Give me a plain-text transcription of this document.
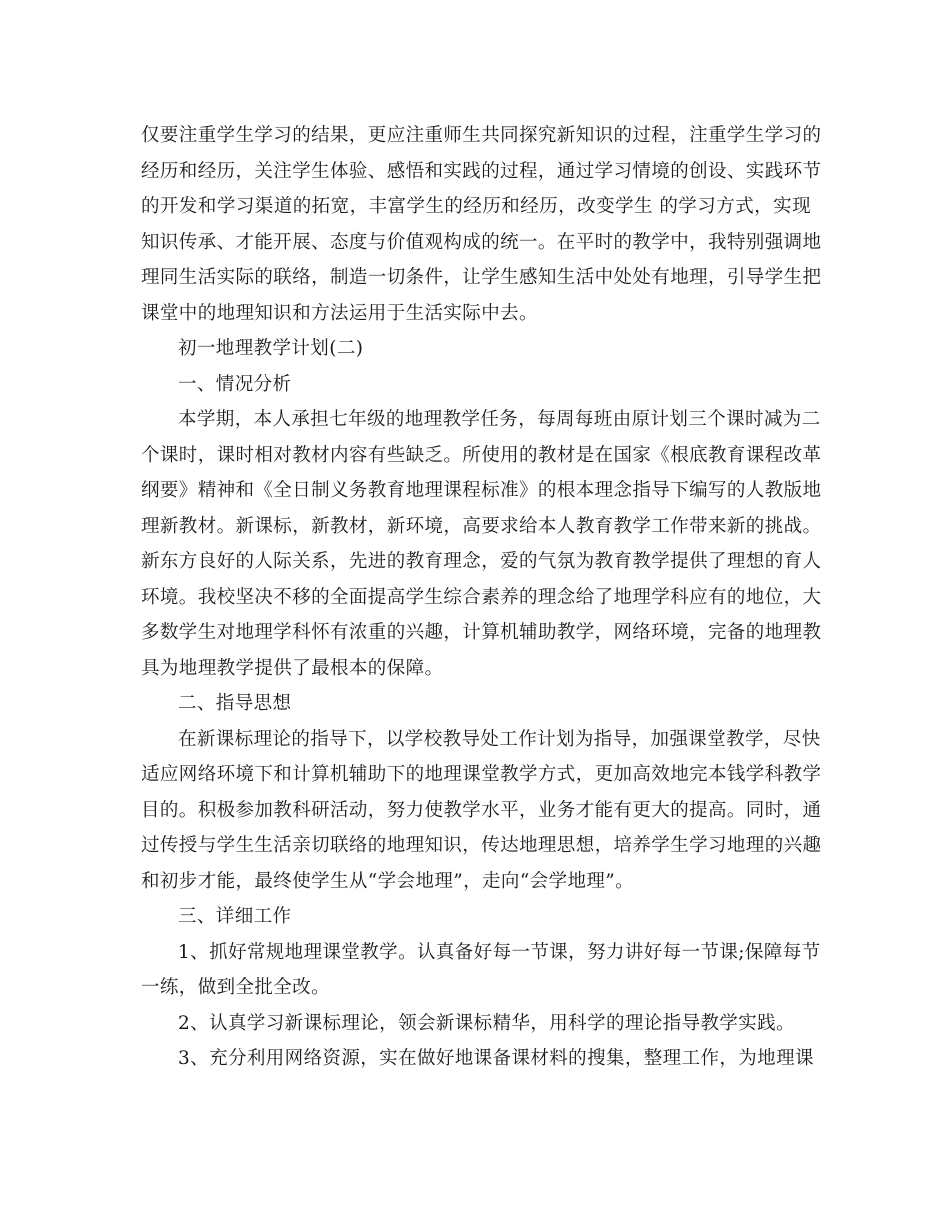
仅要注重学生学习的结果，更应注重师生共同探究新知识的过程，注重学生学习的
经历和经历，关注学生体验、感悟和实践的过程，通过学习情境的创设、实践环节
的开发和学习渠道的拓宽，丰富学生的经历和经历，改变学生 的学习方式，实现
知识传承、才能开展、态度与价值观构成的统一。在平时的教学中，我特别强调地
理同生活实际的联络，制造一切条件，让学生感知生活中处处有地理，引导学生把
课堂中的地理知识和方法运用于生活实际中去。
初一地理教学计划(二)
一、情况分析
本学期，本人承担七年级的地理教学任务，每周每班由原计划三个课时减为二
个课时，课时相对教材内容有些缺乏。所使用的教材是在国家《根底教育课程改革
纲要》精神和《全日制义务教育地理课程标准》的根本理念指导下编写的人教版地
理新教材。新课标，新教材，新环境，高要求给本人教育教学工作带来新的挑战。
新东方良好的人际关系，先进的教育理念，爱的气氛为教育教学提供了理想的育人
环境。我校坚决不移的全面提高学生综合素养的理念给了地理学科应有的地位，大
多数学生对地理学科怀有浓重的兴趣，计算机辅助教学，网络环境，完备的地理教
具为地理教学提供了最根本的保障。
二、指导思想
在新课标理论的指导下，以学校教导处工作计划为指导，加强课堂教学，尽快
适应网络环境下和计算机辅助下的地理课堂教学方式，更加高效地完本钱学科教学
目的。积极参加教科研活动，努力使教学水平，业务才能有更大的提高。同时，通
过传授与学生生活亲切联络的地理知识，传达地理思想，培养学生学习地理的兴趣
和初步才能，最终使学生从“学会地理”，走向“会学地理”。
三、详细工作
1、抓好常规地理课堂教学。认真备好每一节课，努力讲好每一节课;保障每节
一练，做到全批全改。
2、认真学习新课标理论，领会新课标精华，用科学的理论指导教学实践。
3、充分利用网络资源，实在做好地课备课材料的搜集，整理工作，为地理课
